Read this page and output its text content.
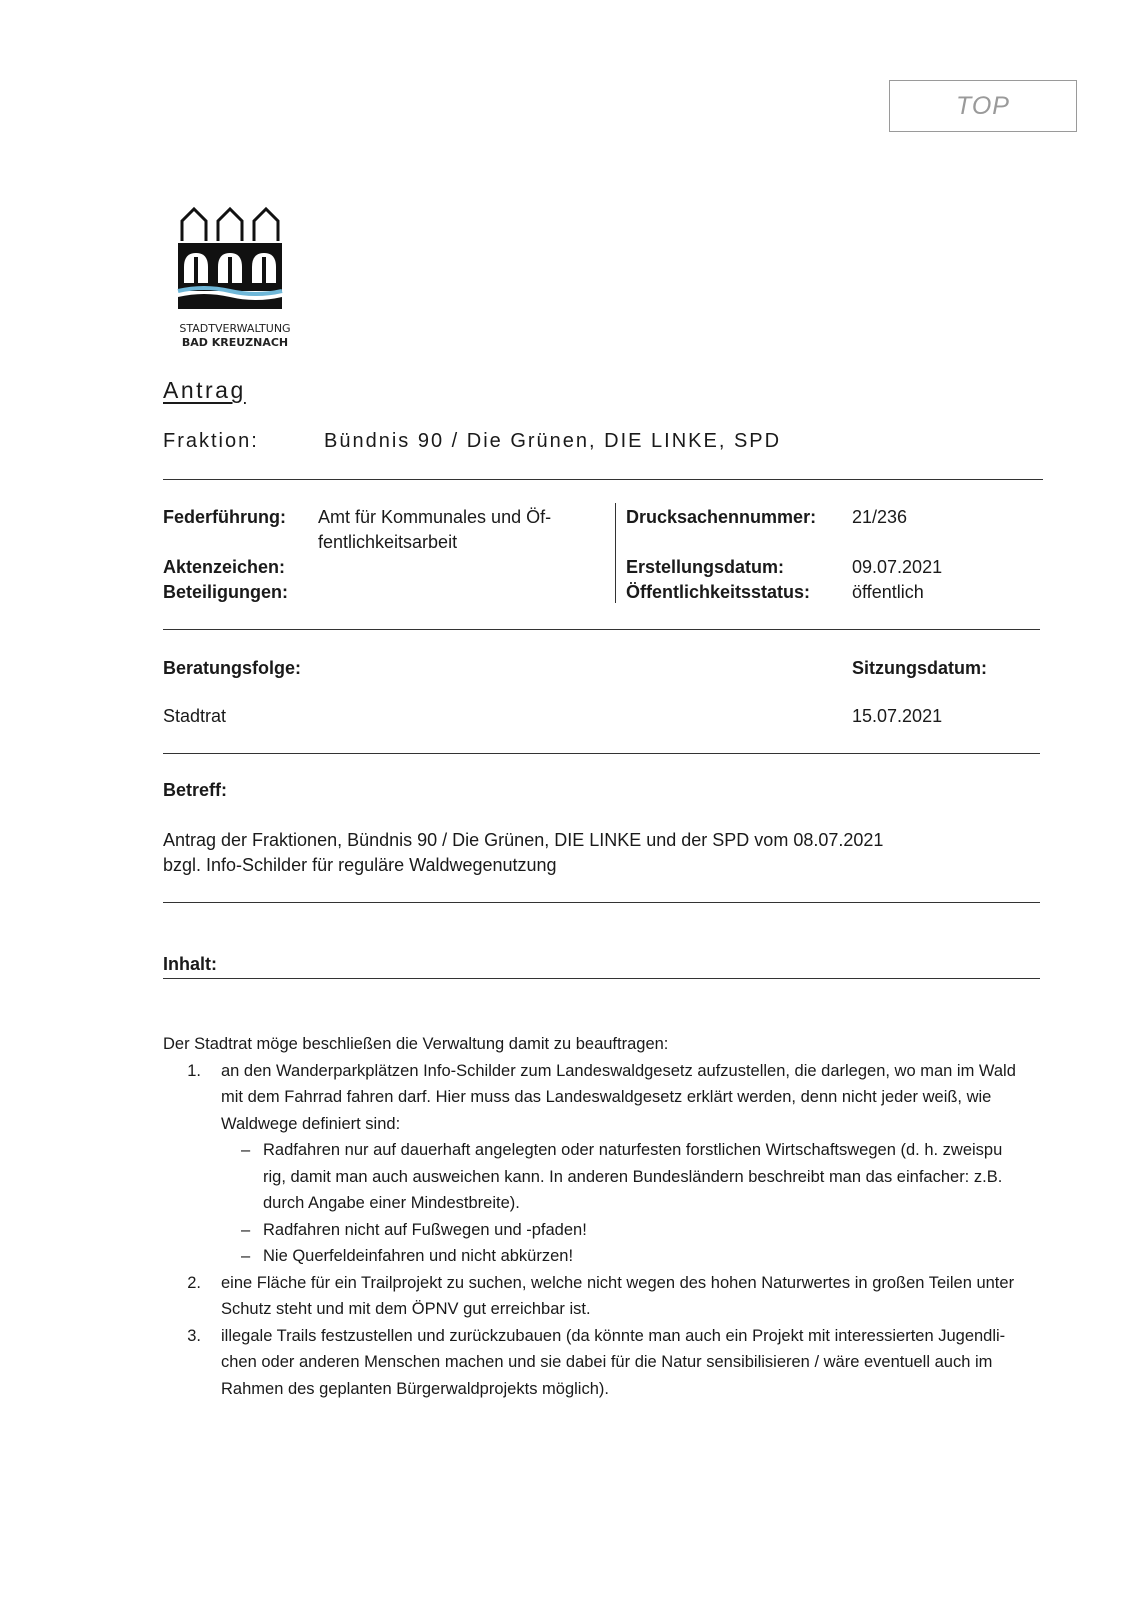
TOP
STADTVERWALTUNG
BAD KREUZNACH
Antrag
Fraktion:	Bündnis 90 / Die Grünen, DIE LINKE, SPD
Federführung: Amt für Kommunales und Öf-
fentlichkeitsarbeit
Aktenzeichen:
Beteiligungen:
Drucksachennummer: 21/236
Erstellungsdatum:	09.07.2021
Öffentlichkeitsstatus: öffentlich
Beratungsfolge:	Sitzungsdatum:
Stadtrat	15.07.2021
Betreff:
Antrag der Fraktionen, Bündnis 90 / Die Grünen, DIE LINKE und der SPD vom 08.07.2021
bzgl. Info-Schilder für reguläre Waldwegenutzung
Inhalt:
Der Stadtrat möge beschließen die Verwaltung damit zu beauftragen:
1. an den Wanderparkplätzen Info-Schilder zum Landeswaldgesetz aufzustellen, die darlegen, wo man im Wald
mit dem Fahrrad fahren darf. Hier muss das Landeswaldgesetz erklärt werden, denn nicht jeder weiß, wie
Waldwege definiert sind:
– Radfahren nur auf dauerhaft angelegten oder naturfesten forstlichen Wirtschaftswegen (d. h. zweispu
rig, damit man auch ausweichen kann. In anderen Bundesländern beschreibt man das einfacher: z.B.
durch Angabe einer Mindestbreite).
– Radfahren nicht auf Fußwegen und -pfaden!
– Nie Querfeldeinfahren und nicht abkürzen!
2. eine Fläche für ein Trailprojekt zu suchen, welche nicht wegen des hohen Naturwertes in großen Teilen unter
Schutz steht und mit dem ÖPNV gut erreichbar ist.
3. illegale Trails festzustellen und zurückzubauen (da könnte man auch ein Projekt mit interessierten Jugendli-
chen oder anderen Menschen machen und sie dabei für die Natur sensibilisieren / wäre eventuell auch im
Rahmen des geplanten Bürgerwaldprojekts möglich).
